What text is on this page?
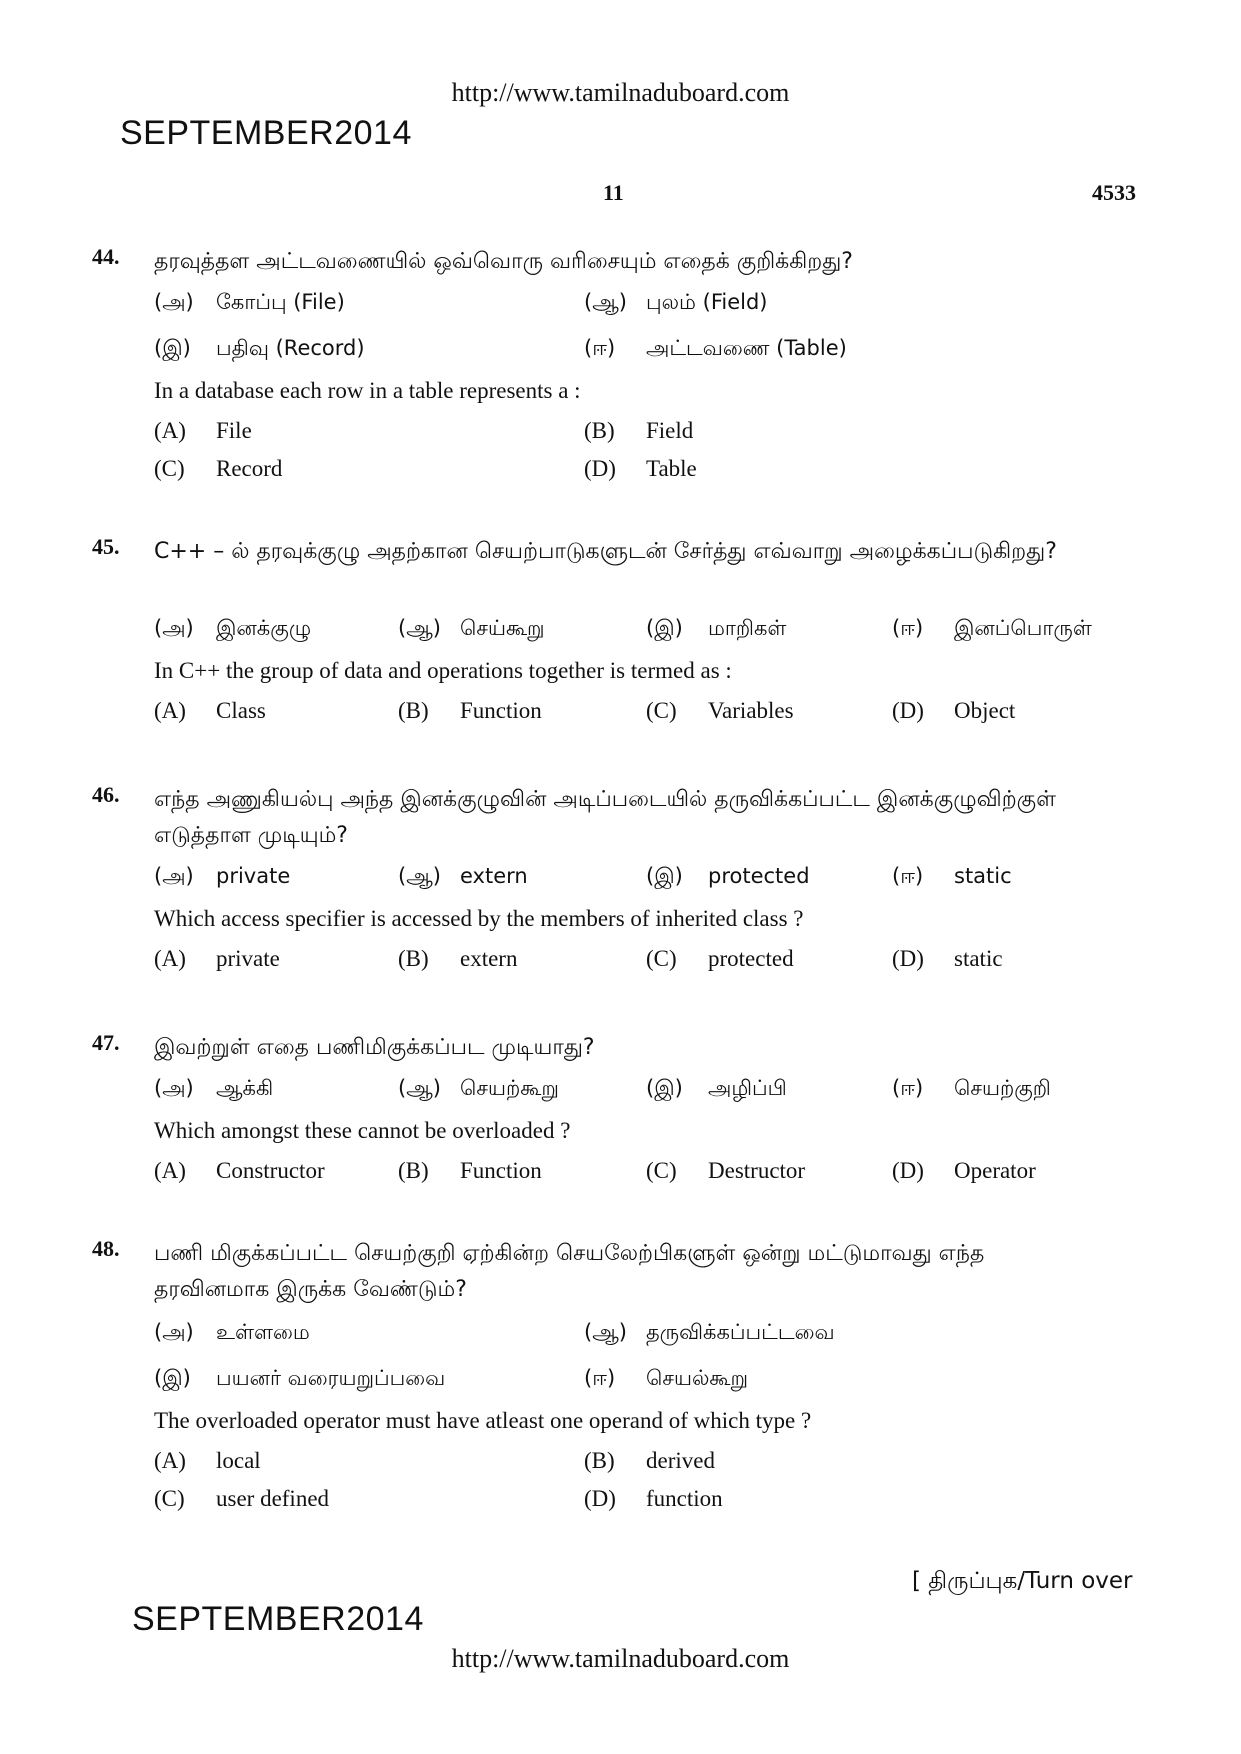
http://www.tamilnaduboard.com
SEPTEMBER2014
11	4533
44. தரவுத்தள அட்டவணையில் ஒவ்வொரு வரிசையும் எதைக் குறிக்கிறது?
(அ) கோப்பு (File)	(ஆ) புலம் (Field)
(இ) பதிவு (Record)	(ஈ) அட்டவணை (Table)
In a database each row in a table represents a :
(A) File	(B) Field
(C) Record	(D) Table
45. C++ – ல் தரவுக்குழு அதற்கான செயற்பாடுகளுடன் சேர்த்து எவ்வாறு அழைக்கப்படுகிறது?
(அ) இனக்குழு	(ஆ) செய்கூறு	(இ) மாறிகள்	(ஈ) இனப்பொருள்
In C++ the group of data and operations together is termed as :
(A) Class	(B) Function	(C) Variables	(D) Object
46. எந்த அணுகியல்பு அந்த இனக்குழுவின் அடிப்படையில் தருவிக்கப்பட்ட இனக்குழுவிற்குள் எடுத்தாள முடியும்?
(அ) private	(ஆ) extern	(இ) protected	(ஈ) static
Which access specifier is accessed by the members of inherited class ?
(A) private	(B) extern	(C) protected	(D) static
47. இவற்றுள் எதை பணிமிகுக்கப்பட முடியாது?
(அ) ஆக்கி	(ஆ) செயற்கூறு	(இ) அழிப்பி	(ஈ) செயற்குறி
Which amongst these cannot be overloaded ?
(A) Constructor	(B) Function	(C) Destructor	(D) Operator
48. பணி மிகுக்கப்பட்ட செயற்குறி ஏற்கின்ற செயலேற்பிகளுள் ஒன்று மட்டுமாவது எந்த தரவினமாக இருக்க வேண்டும்?
(அ) உள்ளமை	(ஆ) தருவிக்கப்பட்டவை
(இ) பயனர் வரையறுப்பவை	(ஈ) செயல்கூறு
The overloaded operator must have atleast one operand of which type ?
(A) local	(B) derived
(C) user defined	(D) function
[ திருப்புக/Turn over
SEPTEMBER2014
http://www.tamilnaduboard.com
